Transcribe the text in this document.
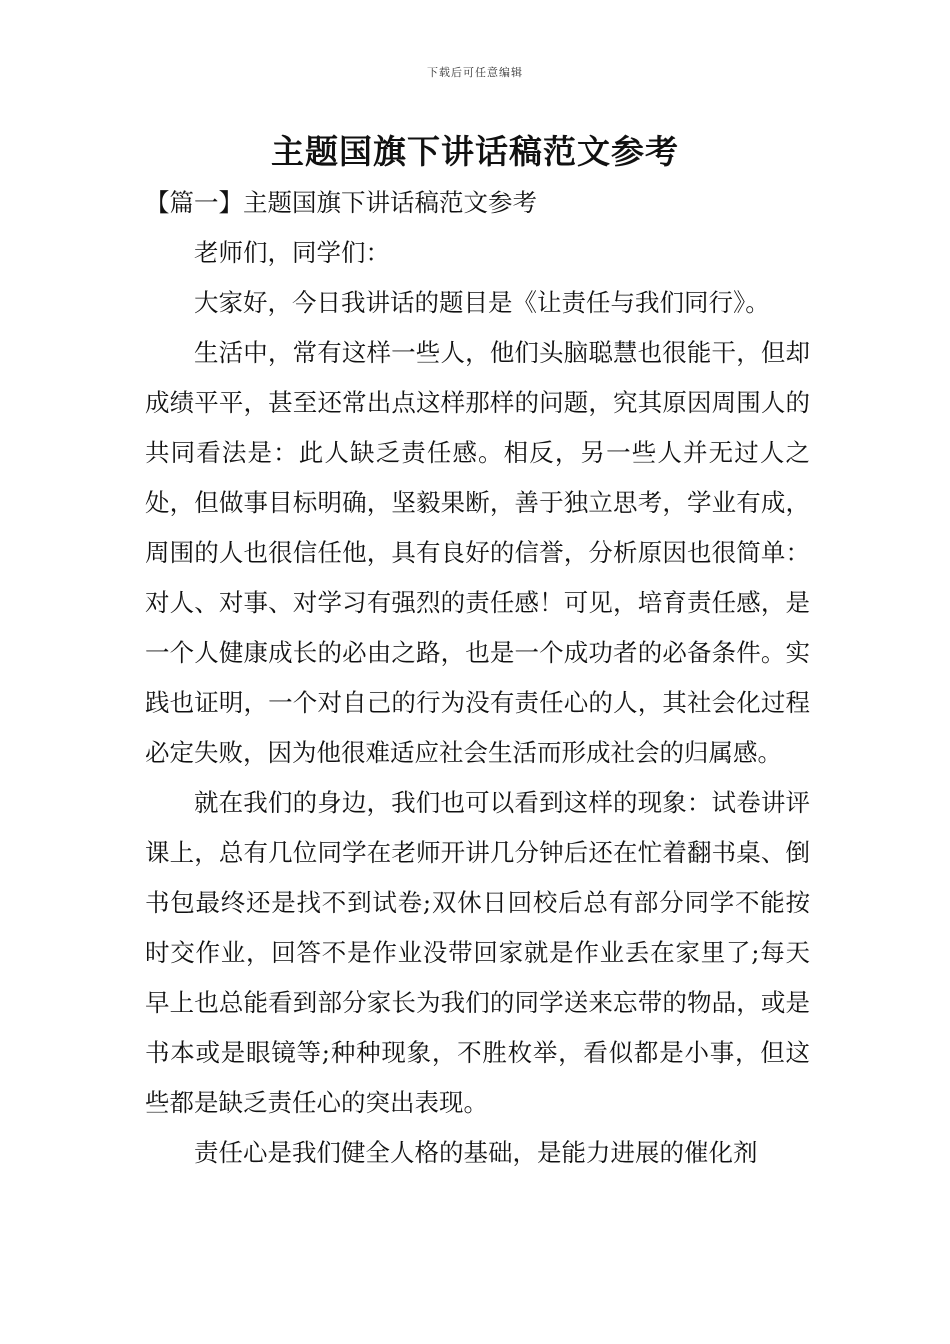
下载后可任意编辑
主题国旗下讲话稿范文参考

【篇一】主题国旗下讲话稿范文参考

老师们，同学们：

大家好，今日我讲话的题目是《让责任与我们同行》。

生活中，常有这样一些人，他们头脑聪慧也很能干，但却成绩平平，甚至还常出点这样那样的问题，究其原因周围人的共同看法是：此人缺乏责任感。相反，另一些人并无过人之处，但做事目标明确，坚毅果断，善于独立思考，学业有成，周围的人也很信任他，具有良好的信誉，分析原因也很简单：对人、对事、对学习有强烈的责任感！可见，培育责任感，是一个人健康成长的必由之路，也是一个成功者的必备条件。实践也证明，一个对自己的行为没有责任心的人，其社会化过程必定失败，因为他很难适应社会生活而形成社会的归属感。

就在我们的身边，我们也可以看到这样的现象：试卷讲评课上，总有几位同学在老师开讲几分钟后还在忙着翻书桌、倒书包最终还是找不到试卷;双休日回校后总有部分同学不能按时交作业，回答不是作业没带回家就是作业丢在家里了;每天早上也总能看到部分家长为我们的同学送来忘带的物品，或是书本或是眼镜等;种种现象，不胜枚举，看似都是小事，但这些都是缺乏责任心的突出表现。

责任心是我们健全人格的基础，是能力进展的催化剂
